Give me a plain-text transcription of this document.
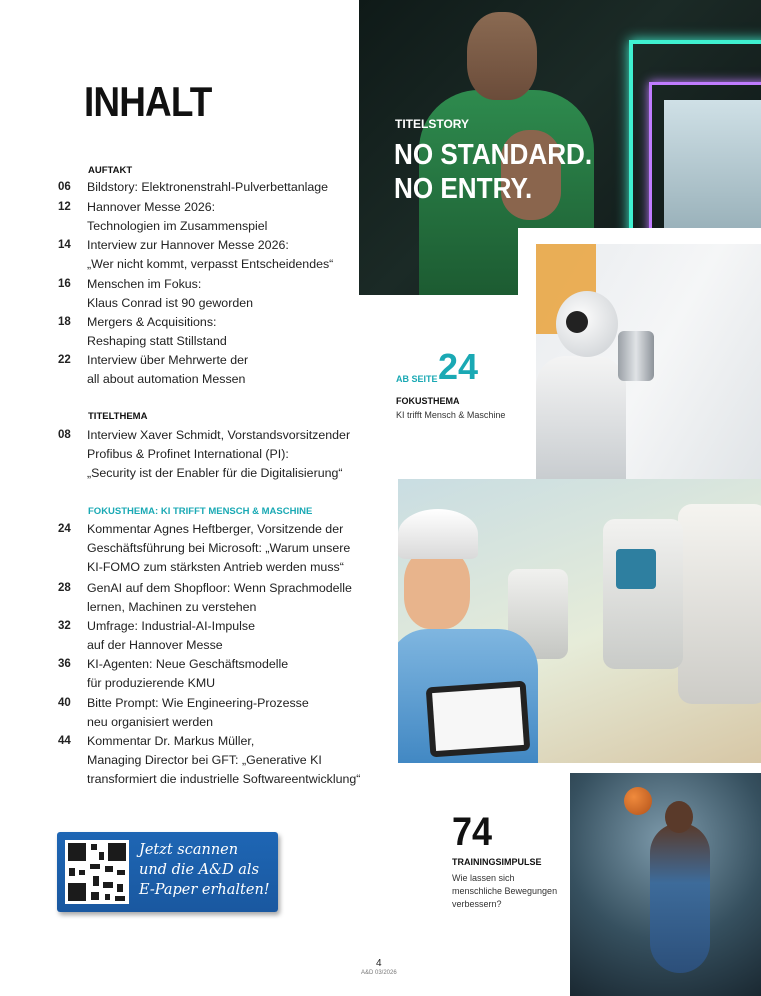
INHALT
AUFTAKT
06 Bildstory: Elektronenstrahl-Pulverbettanlage
12 Hannover Messe 2026:
Technologien im Zusammenspiel
14 Interview zur Hannover Messe 2026:
„Wer nicht kommt, verpasst Entscheidendes“
16 Menschen im Fokus:
Klaus Conrad ist 90 geworden
18 Mergers & Acquisitions:
Reshaping statt Stillstand
22 Interview über Mehrwerte der
all about automation Messen
TITELTHEMA
08 Interview Xaver Schmidt, Vorstandsvorsitzender
Profibus & Profinet International (PI):
„Security ist der Enabler für die Digitalisierung“
FOKUSTHEMA: KI TRIFFT MENSCH & MASCHINE
24 Kommentar Agnes Heftberger, Vorsitzende der
Geschäftsführung bei Microsoft: „Warum unsere
KI-FOMO zum stärksten Antrieb werden muss“
28 GenAI auf dem Shopfloor: Wenn Sprachmodelle
lernen, Machinen zu verstehen
32 Umfrage: Industrial-AI-Impulse
auf der Hannover Messe
36 KI-Agenten: Neue Geschäftsmodelle
für produzierende KMU
40 Bitte Prompt: Wie Engineering-Prozesse
neu organisiert werden
44 Kommentar Dr. Markus Müller,
Managing Director bei GFT: „Generative KI
transformiert die industrielle Softwareentwicklung“
TITELSTORY
NO STANDARD.
NO ENTRY.
AB SEITE 24
FOKUSTHEMA
KI trifft Mensch & Maschine
74
TRAININGSIMPULSE
Wie lassen sich menschliche Bewegungen verbessern?
Jetzt scannen
und die A&D als
E-Paper erhalten!
4
A&D 03/2026
